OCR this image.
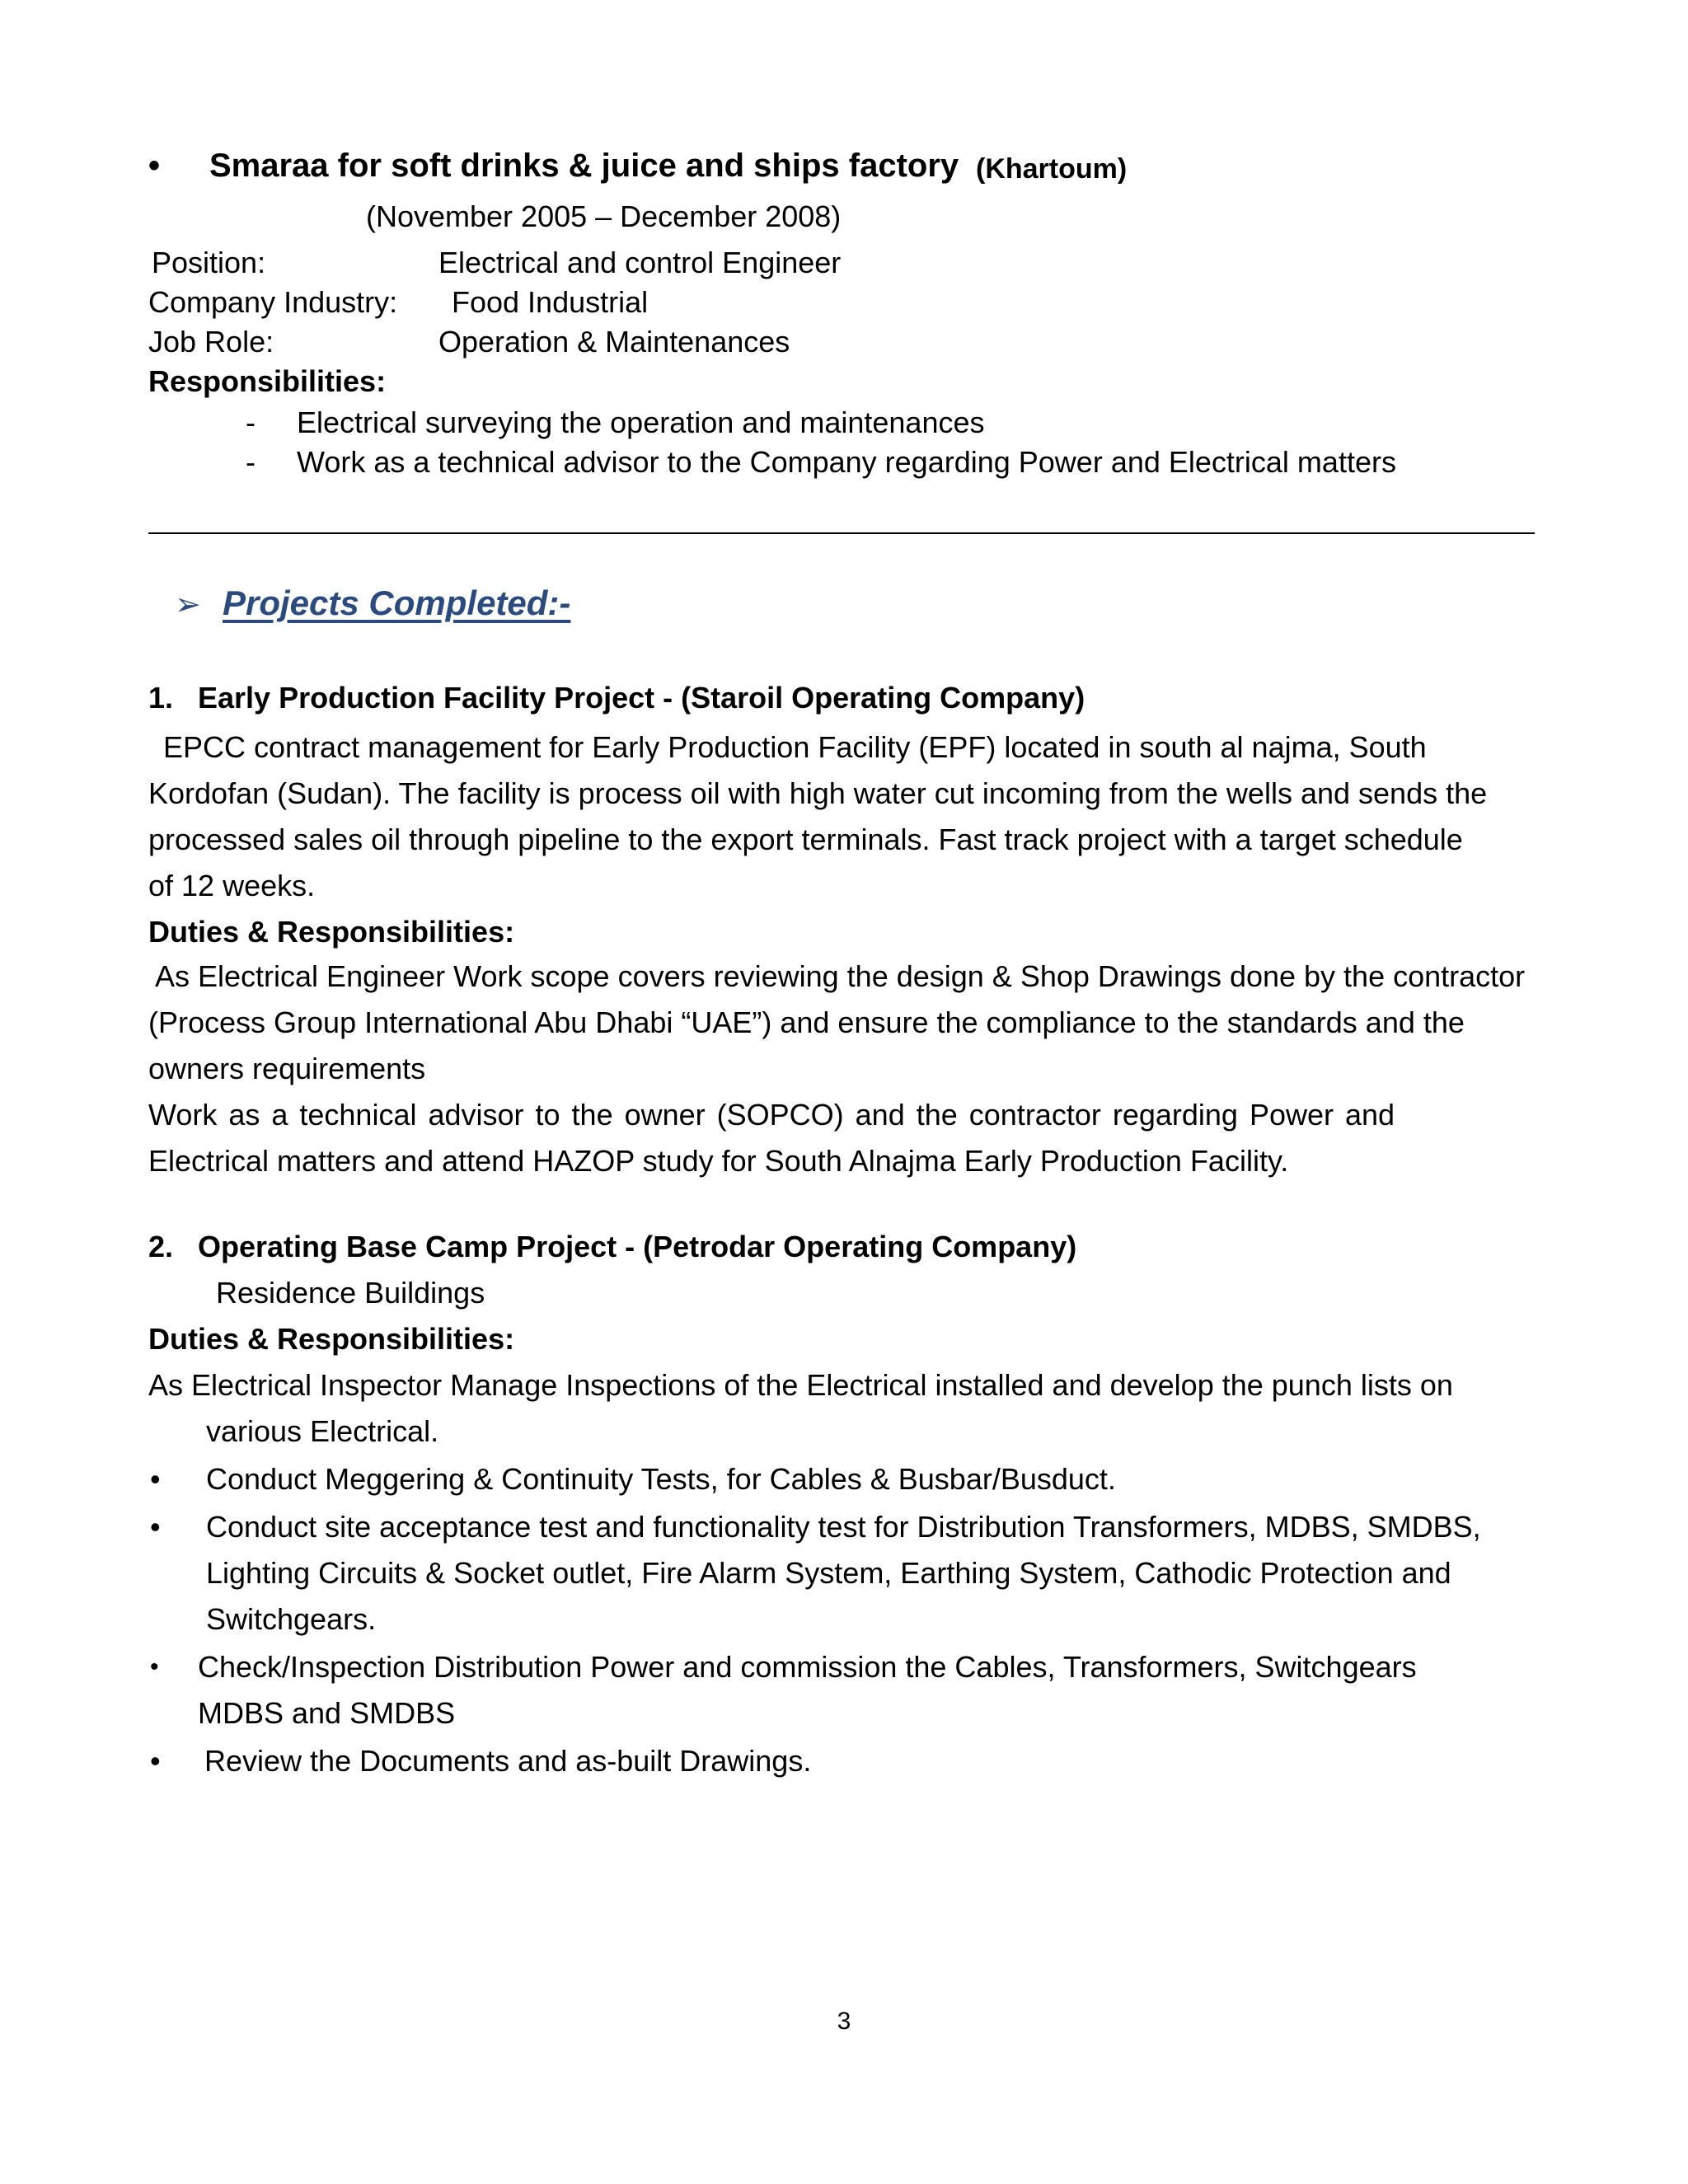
• Smaraa for soft drinks & juice and ships factory (Khartoum)
(November 2005 – December 2008)
Position:	Electrical and control Engineer
Company Industry: Food Industrial
Job Role:	Operation & Maintenances
Responsibilities:
- Electrical surveying the operation and maintenances
- Work as a technical advisor to the Company regarding Power and Electrical matters
➢ Projects Completed:-
1. Early Production Facility Project - (Staroil Operating Company)
EPCC contract management for Early Production Facility (EPF) located in south al najma, South
Kordofan (Sudan). The facility is process oil with high water cut incoming from the wells and sends the
processed sales oil through pipeline to the export terminals. Fast track project with a target schedule
of 12 weeks.
Duties & Responsibilities:
As Electrical Engineer Work scope covers reviewing the design & Shop Drawings done by the contractor
(Process Group International Abu Dhabi “UAE”) and ensure the compliance to the standards and the
owners requirements
Work as a technical advisor to the owner (SOPCO) and the contractor regarding Power and
Electrical matters and attend HAZOP study for South Alnajma Early Production Facility.
2. Operating Base Camp Project - (Petrodar Operating Company)
Residence Buildings
Duties & Responsibilities:
As Electrical Inspector Manage Inspections of the Electrical installed and develop the punch lists on
various Electrical.
• Conduct Meggering & Continuity Tests, for Cables & Busbar/Busduct.
• Conduct site acceptance test and functionality test for Distribution Transformers, MDBS, SMDBS,
Lighting Circuits & Socket outlet, Fire Alarm System, Earthing System, Cathodic Protection and
Switchgears.
• Check/Inspection Distribution Power and commission the Cables, Transformers, Switchgears
MDBS and SMDBS
• Review the Documents and as-built Drawings.
3
